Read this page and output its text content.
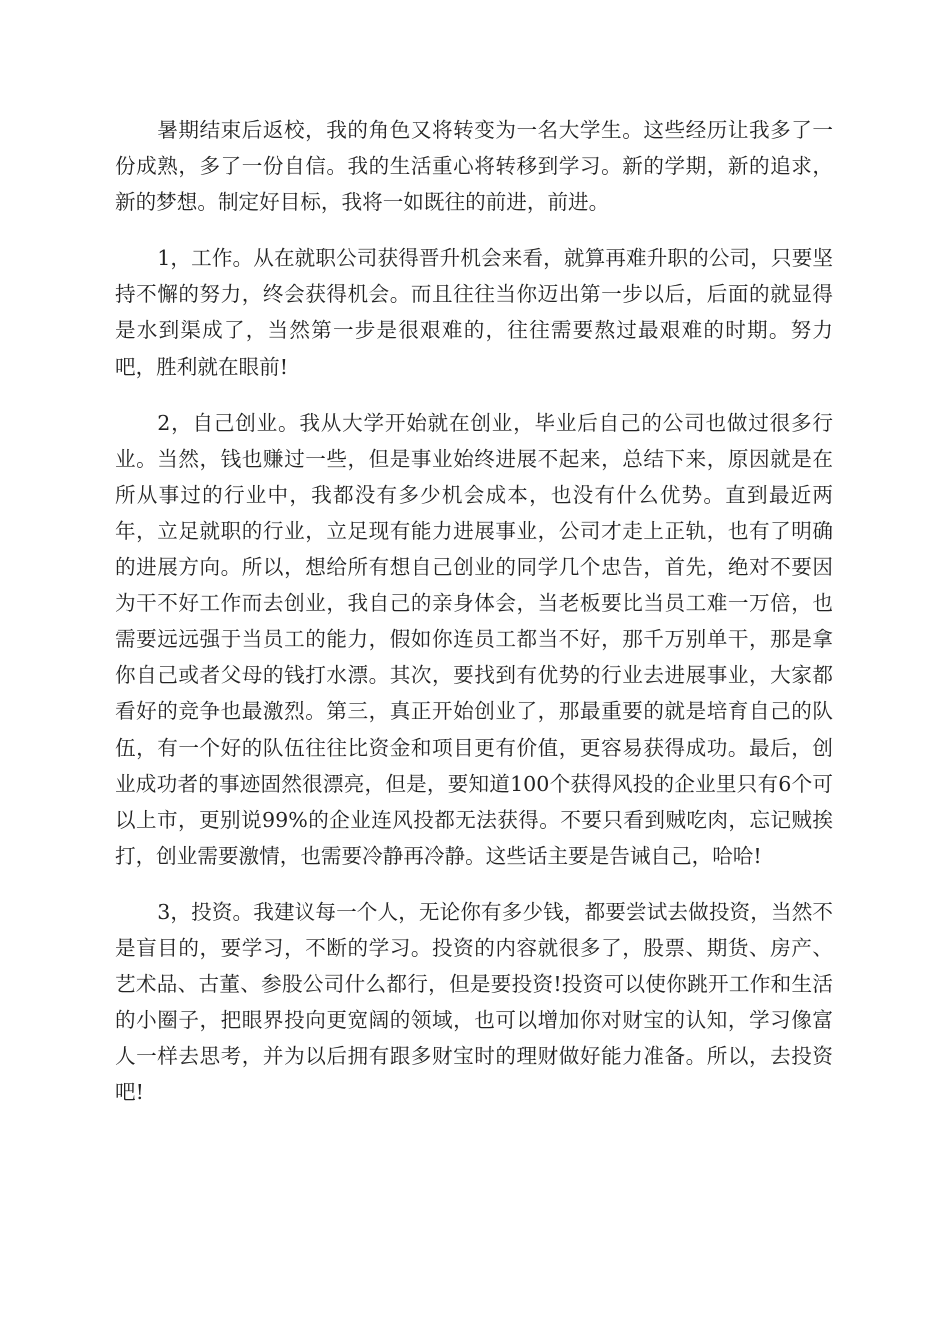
暑期结束后返校，我的角色又将转变为一名大学生。这些经历让我多了一份成熟，多了一份自信。我的生活重心将转移到学习。新的学期，新的追求，新的梦想。制定好目标，我将一如既往的前进，前进。

1，工作。从在就职公司获得晋升机会来看，就算再难升职的公司，只要坚持不懈的努力，终会获得机会。而且往往当你迈出第一步以后，后面的就显得是水到渠成了，当然第一步是很艰难的，往往需要熬过最艰难的时期。努力吧，胜利就在眼前!

2，自己创业。我从大学开始就在创业，毕业后自己的公司也做过很多行业。当然，钱也赚过一些，但是事业始终进展不起来，总结下来，原因就是在所从事过的行业中，我都没有多少机会成本，也没有什么优势。直到最近两年，立足就职的行业，立足现有能力进展事业，公司才走上正轨，也有了明确的进展方向。所以，想给所有想自己创业的同学几个忠告，首先，绝对不要因为干不好工作而去创业，我自己的亲身体会，当老板要比当员工难一万倍，也需要远远强于当员工的能力，假如你连员工都当不好，那千万别单干，那是拿你自己或者父母的钱打水漂。其次，要找到有优势的行业去进展事业，大家都看好的竞争也最激烈。第三，真正开始创业了，那最重要的就是培育自己的队伍，有一个好的队伍往往比资金和项目更有价值，更容易获得成功。最后，创业成功者的事迹固然很漂亮，但是，要知道100个获得风投的企业里只有6个可以上市，更别说99%的企业连风投都无法获得。不要只看到贼吃肉，忘记贼挨打，创业需要激情，也需要冷静再冷静。这些话主要是告诫自己，哈哈!

3，投资。我建议每一个人，无论你有多少钱，都要尝试去做投资，当然不是盲目的，要学习，不断的学习。投资的内容就很多了，股票、期货、房产、艺术品、古董、参股公司什么都行，但是要投资!投资可以使你跳开工作和生活的小圈子，把眼界投向更宽阔的领域，也可以增加你对财宝的认知，学习像富人一样去思考，并为以后拥有跟多财宝时的理财做好能力准备。所以，去投资吧!
